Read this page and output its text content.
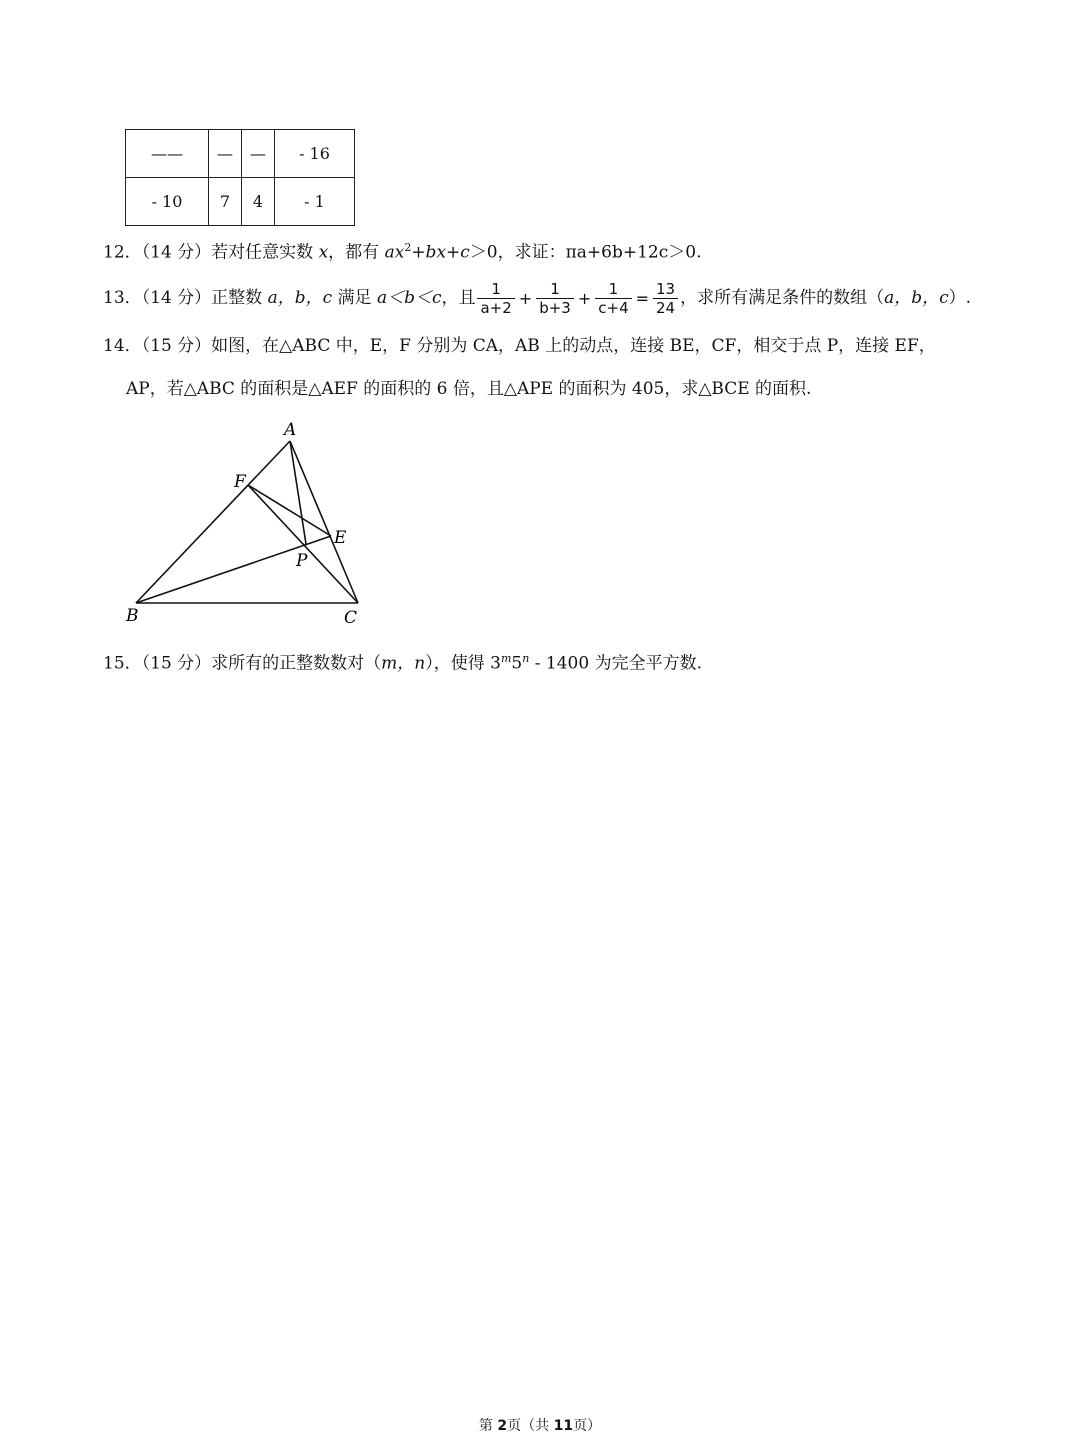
——	—	—	- 16
- 10	7	4	- 1
12．（14 分）若对任意实数 x，都有 $ax^2+bx+c>0$，求证：πa+6b+12c＞0.
13．（14 分）正整数 a，b，c 满足 a＜b＜c，且 $\frac{1}{a+2} + \frac{1}{b+3} + \frac{1}{c+4} = \frac{13}{24}$ ，求所有满足条件的数组（a，b，c）.
14．（15 分）如图，在△ABC 中，E，F 分别为 CA，AB 上的动点，连接 BE，CF，相交于点 P，连接 EF，
AP，若△ABC 的面积是△AEF 的面积的 6 倍，且△APE 的面积为 405，求△BCE 的面积.
A
B	C
E
F
P
15．（15 分）求所有的正整数数对（m，n），使得 3$^m$5$^n$ - 1400 为完全平方数.
第 2页（共 11页）
